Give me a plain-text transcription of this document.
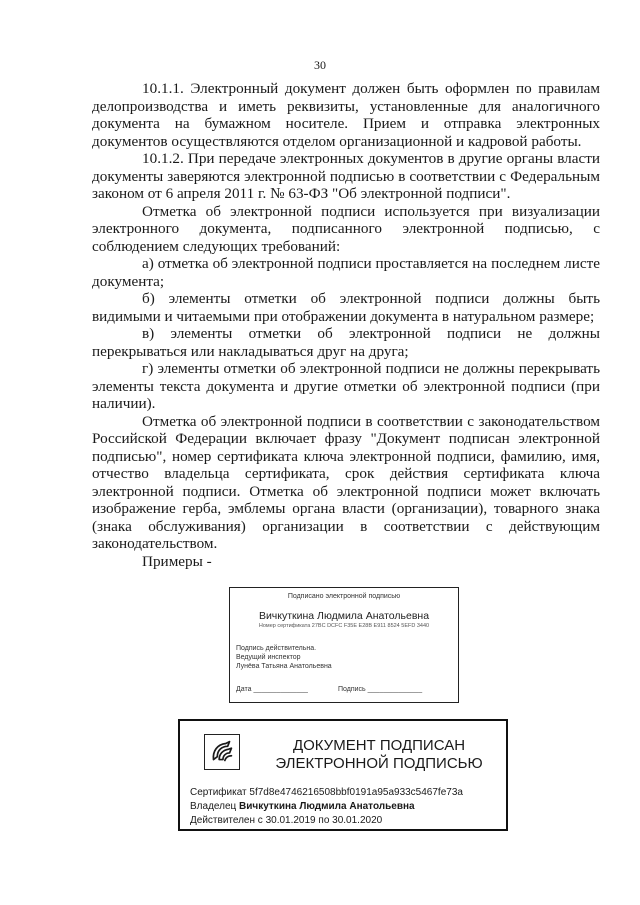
30

10.1.1. Электронный документ должен быть оформлен по правилам делопроизводства и иметь реквизиты, установленные для аналогичного документа на бумажном носителе. Прием и отправка электронных документов осуществляются отделом организационной и кадровой работы.

10.1.2. При передаче электронных документов в другие органы власти документы заверяются электронной подписью в соответствии с Федеральным законом от 6 апреля 2011 г. № 63-ФЗ "Об электронной подписи".

Отметка об электронной подписи используется при визуализации электронного документа, подписанного электронной подписью, с соблюдением следующих требований:

а) отметка об электронной подписи проставляется на последнем листе документа;

б) элементы отметки об электронной подписи должны быть видимыми и читаемыми при отображении документа в натуральном размере;

в) элементы отметки об электронной подписи не должны перекрываться или накладываться друг на друга;

г) элементы отметки об электронной подписи не должны перекрывать элементы текста документа и другие отметки об электронной подписи (при наличии).

Отметка об электронной подписи в соответствии с законодательством Российской Федерации включает фразу "Документ подписан электронной подписью", номер сертификата ключа электронной подписи, фамилию, имя, отчество владельца сертификата, срок действия сертификата ключа электронной подписи. Отметка об электронной подписи может включать изображение герба, эмблемы органа власти (организации), товарного знака (знака обслуживания) организации в соответствии с действующим законодательством.

Примеры -

Подписано электронной подписью
Вичкуткина Людмила Анатольевна
Номер сертификата 27BC DCFC F35E E28B E911 8524 5EFD 3440
Подпись действительна.
Ведущий инспектор
Лунёва Татьяна Анатольевна
Дата ______________	Подпись ______________
ДОКУМЕНТ ПОДПИСАН
ЭЛЕКТРОННОЙ ПОДПИСЬЮ
Сертификат 5f7d8e4746216508bbf0191a95a933c5467fe73a
Владелец Вичкуткина Людмила Анатольевна
Действителен с 30.01.2019 по 30.01.2020
